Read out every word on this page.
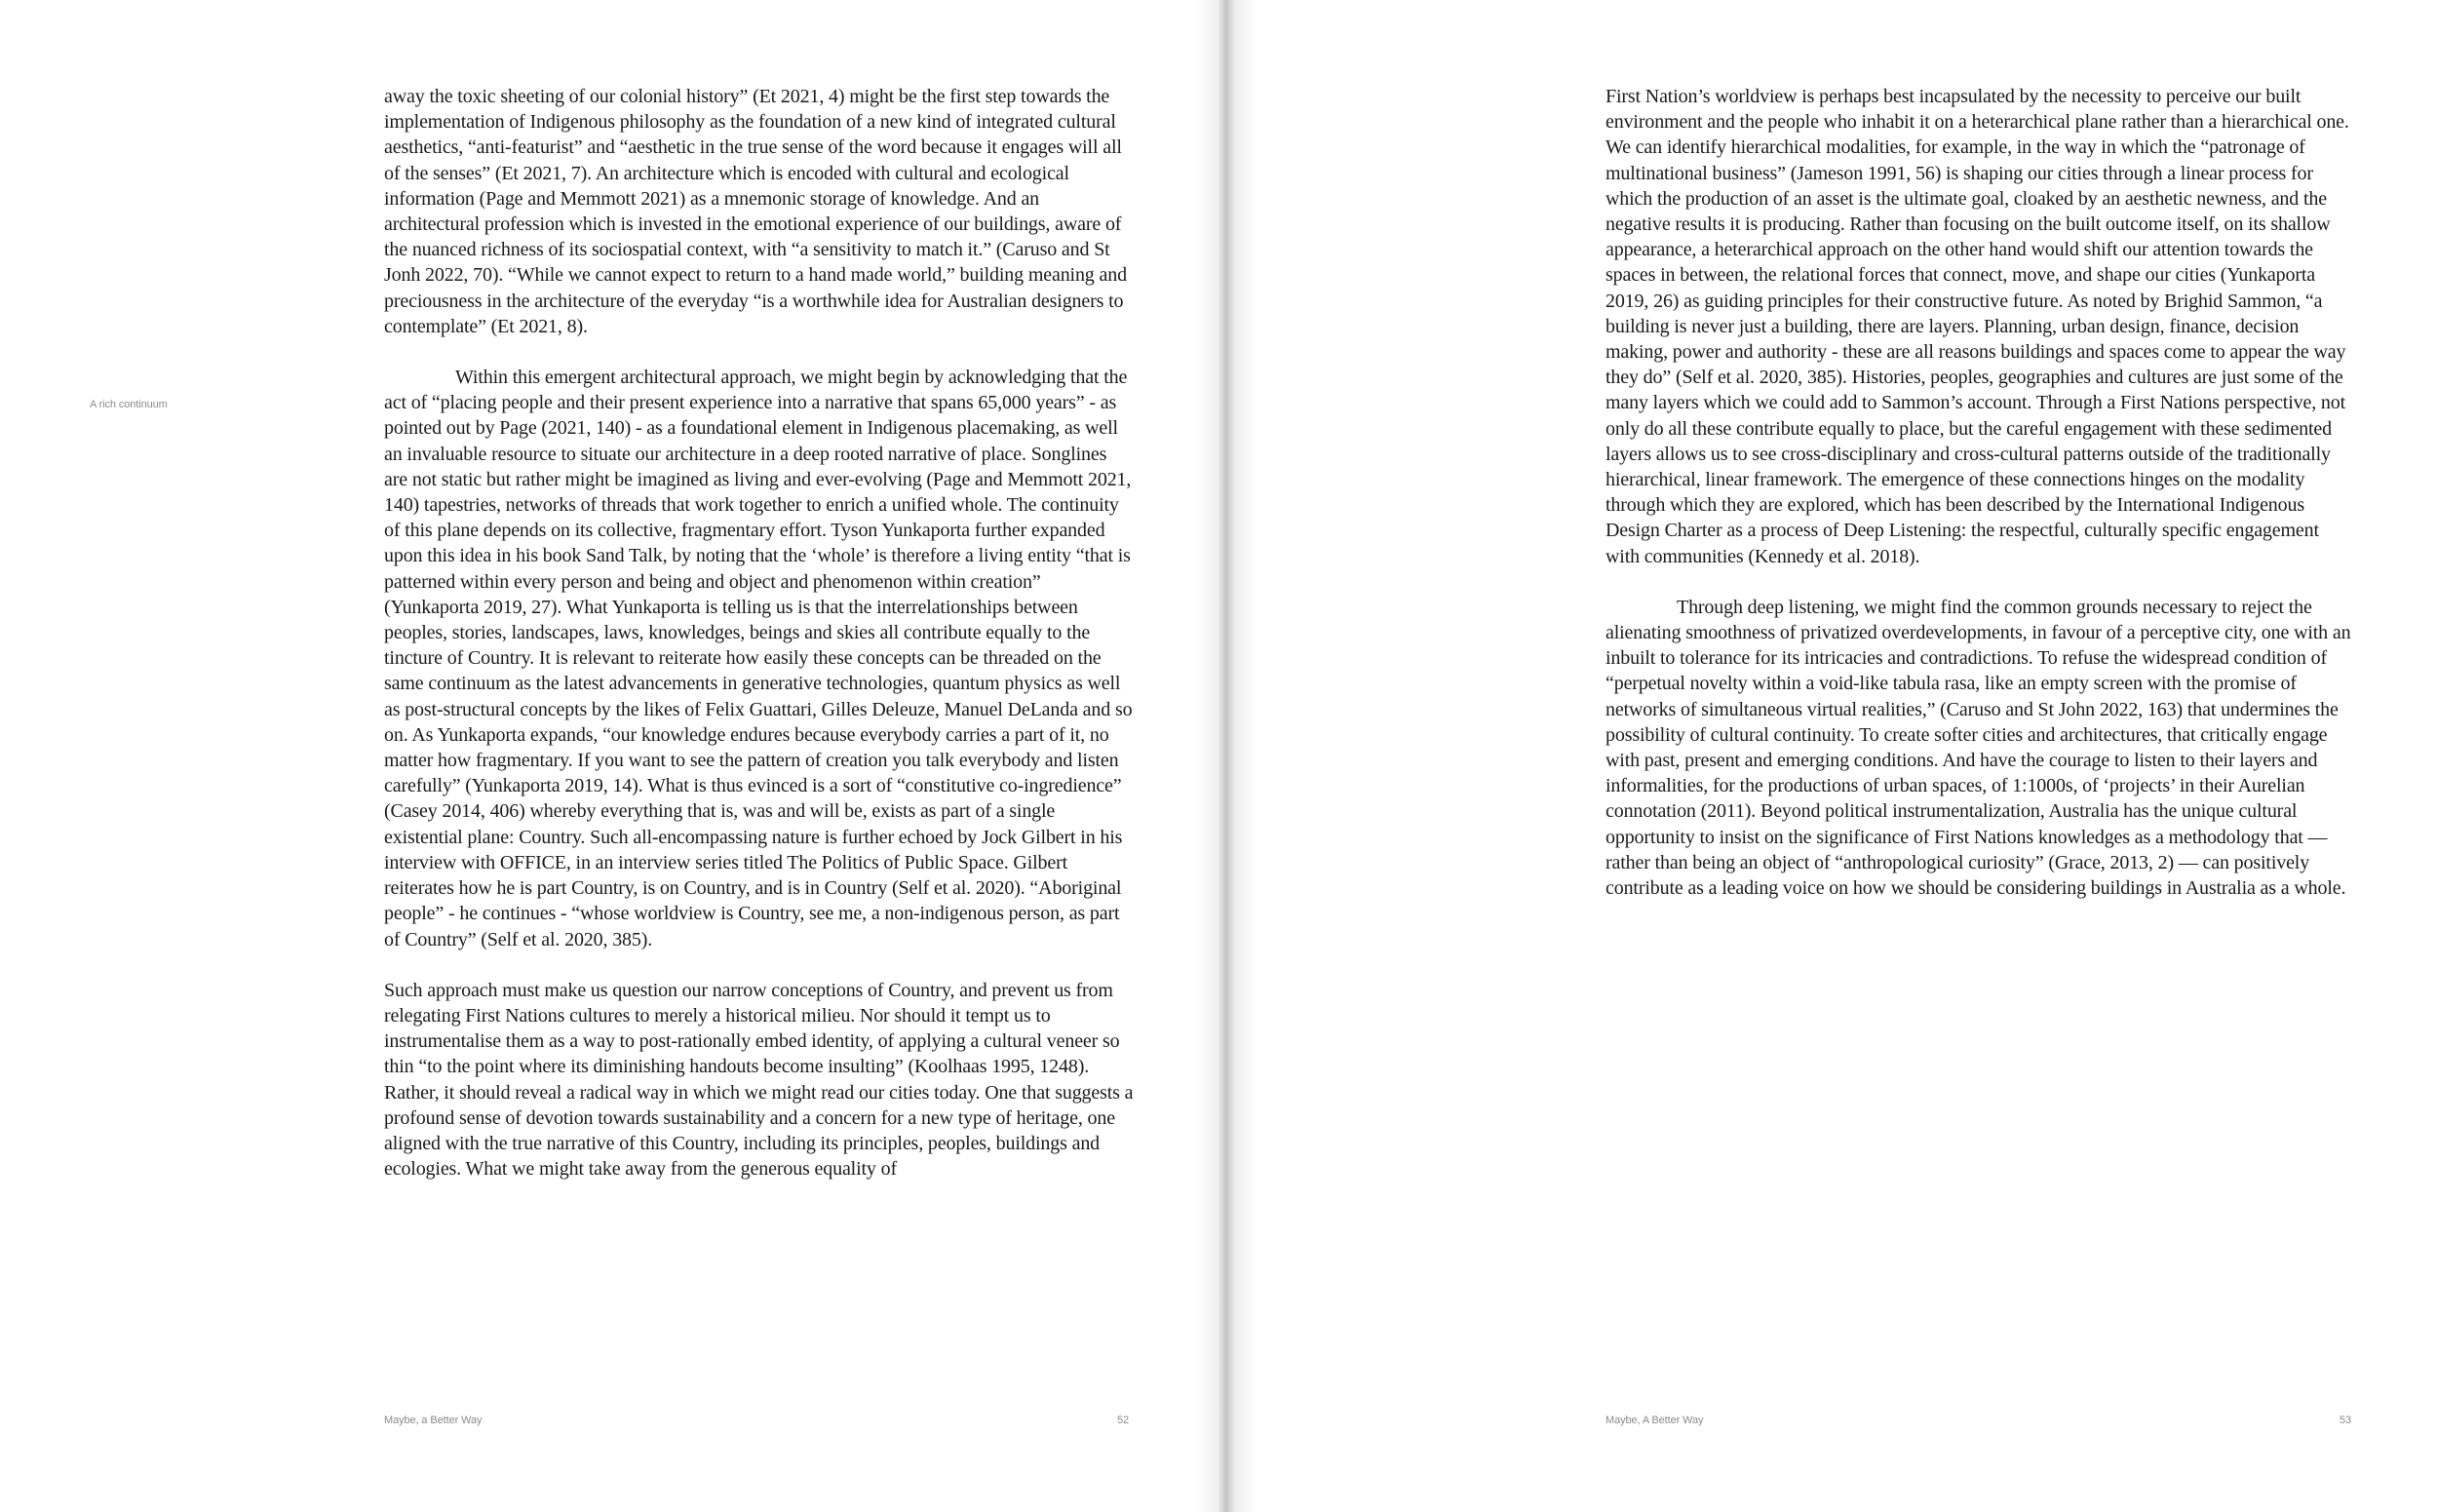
A rich continuum

away the toxic sheeting of our colonial history” (Et 2021, 4) might be the first step towards the implementation of Indigenous philosophy as the foundation of a new kind of integrated cultural aesthetics, “anti-featurist” and “aesthetic in the true sense of the word because it engages will all of the senses” (Et 2021, 7). An architecture which is encoded with cultural and ecological information (Page and Memmott 2021) as a mnemonic storage of knowledge. And an architectural profession which is invested in the emotional experience of our buildings, aware of the nuanced richness of its sociospatial context, with “a sensitivity to match it.” (Caruso and St Jonh 2022, 70). “While we cannot expect to return to a hand made world,” building meaning and preciousness in the architecture of the everyday “is a worthwhile idea for Australian designers to contemplate” (Et 2021, 8).

Within this emergent architectural approach, we might begin by acknowledging that the act of “placing people and their present experience into a narrative that spans 65,000 years” - as pointed out by Page (2021, 140) - as a foundational element in Indigenous placemaking, as well an invaluable resource to situate our architecture in a deep rooted narrative of place. Songlines are not static but rather might be imagined as living and ever-evolving (Page and Memmott 2021, 140) tapestries, networks of threads that work together to enrich a unified whole. The continuity of this plane depends on its collective, fragmentary effort. Tyson Yunkaporta further expanded upon this idea in his book Sand Talk, by noting that the ‘whole’ is therefore a living entity “that is patterned within every person and being and object and phenomenon within creation” (Yunkaporta 2019, 27). What Yunkaporta is telling us is that the interrelationships between peoples, stories, landscapes, laws, knowledges, beings and skies all contribute equally to the tincture of Country. It is relevant to reiterate how easily these concepts can be threaded on the same continuum as the latest advancements in generative technologies, quantum physics as well as post-structural concepts by the likes of Felix Guattari, Gilles Deleuze, Manuel DeLanda and so on. As Yunkaporta expands, “our knowledge endures because everybody carries a part of it, no matter how fragmentary. If you want to see the pattern of creation you talk everybody and listen carefully” (Yunkaporta 2019, 14). What is thus evinced is a sort of “constitutive co-ingredience” (Casey 2014, 406) whereby everything that is, was and will be, exists as part of a single existential plane: Country. Such all-encompassing nature is further echoed by Jock Gilbert in his interview with OFFICE, in an interview series titled The Politics of Public Space. Gilbert reiterates how he is part Country, is on Country, and is in Country (Self et al. 2020). “Aboriginal people” - he continues - “whose worldview is Country, see me, a non-indigenous person, as part of Country” (Self et al. 2020, 385).

Such approach must make us question our narrow conceptions of Country, and prevent us from relegating First Nations cultures to merely a historical milieu. Nor should it tempt us to instrumentalise them as a way to post-rationally embed identity, of applying a cultural veneer so thin “to the point where its diminishing handouts become insulting” (Koolhaas 1995, 1248). Rather, it should reveal a radical way in which we might read our cities today. One that suggests a profound sense of devotion towards sustainability and a concern for a new type of heritage, one aligned with the true narrative of this Country, including its principles, peoples, buildings and ecologies. What we might take away from the generous equality of

Maybe, a Better Way	52

First Nation’s worldview is perhaps best incapsulated by the necessity to perceive our built environment and the people who inhabit it on a heterarchical plane rather than a hierarchical one. We can identify hierarchical modalities, for example, in the way in which the “patronage of multinational business” (Jameson 1991, 56) is shaping our cities through a linear process for which the production of an asset is the ultimate goal, cloaked by an aesthetic newness, and the negative results it is producing. Rather than focusing on the built outcome itself, on its shallow appearance, a heterarchical approach on the other hand would shift our attention towards the spaces in between, the relational forces that connect, move, and shape our cities (Yunkaporta 2019, 26) as guiding principles for their constructive future. As noted by Brighid Sammon, “a building is never just a building, there are layers. Planning, urban design, finance, decision making, power and authority - these are all reasons buildings and spaces come to appear the way they do” (Self et al. 2020, 385). Histories, peoples, geographies and cultures are just some of the many layers which we could add to Sammon’s account. Through a First Nations perspective, not only do all these contribute equally to place, but the careful engagement with these sedimented layers allows us to see cross-disciplinary and cross-cultural patterns outside of the traditionally hierarchical, linear framework. The emergence of these connections hinges on the modality through which they are explored, which has been described by the International Indigenous Design Charter as a process of Deep Listening: the respectful, culturally specific engagement with communities (Kennedy et al. 2018).

Through deep listening, we might find the common grounds necessary to reject the alienating smoothness of privatized overdevelopments, in favour of a perceptive city, one with an inbuilt to tolerance for its intricacies and contradictions. To refuse the widespread condition of “perpetual novelty within a void-like tabula rasa, like an empty screen with the promise of networks of simultaneous virtual realities,” (Caruso and St John 2022, 163) that undermines the possibility of cultural continuity. To create softer cities and architectures, that critically engage with past, present and emerging conditions. And have the courage to listen to their layers and informalities, for the productions of urban spaces, of 1:1000s, of ‘projects’ in their Aurelian connotation (2011). Beyond political instrumentalization, Australia has the unique cultural opportunity to insist on the significance of First Nations knowledges as a methodology that — rather than being an object of “anthropological curiosity” (Grace, 2013, 2) — can positively contribute as a leading voice on how we should be considering buildings in Australia as a whole.

Maybe, A Better Way	53
